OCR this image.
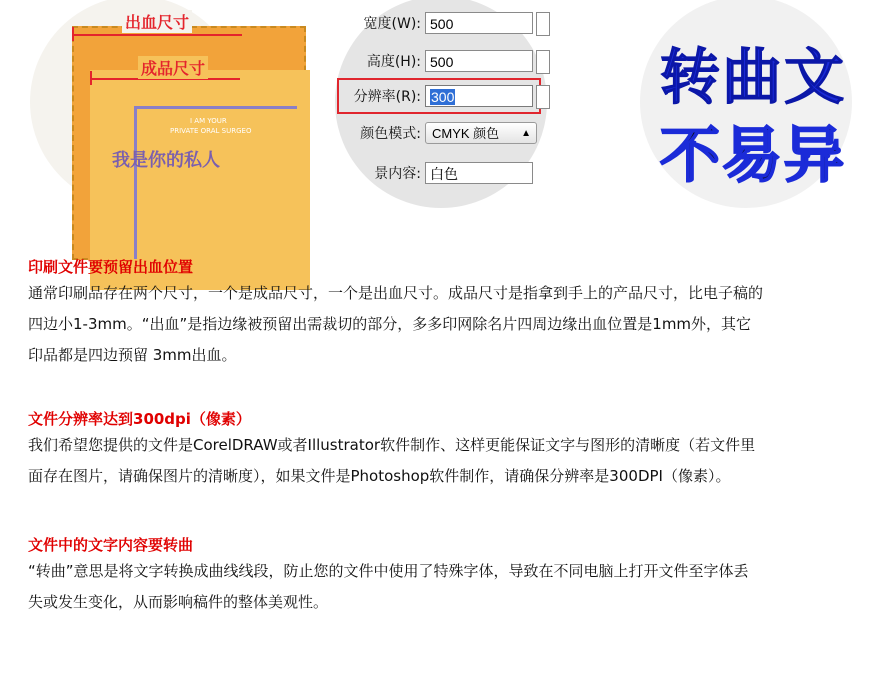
出血尺寸
成品尺寸
I AM YOUR
PRIVATE ORAL SURGEO
我是你的私人
宽度(W): 500
高度(H): 500
分辨率(R): 300
颜色模式: CMYK 颜色 ▲

景内容: 白色
转曲文
不易异
印刷文件要预留出血位置

通常印刷品存在两个尺寸，一个是成品尺寸，一个是出血尺寸。成品尺寸是指拿到手上的产品尺寸，比电子稿的

四边小1-3mm。“出血”是指边缘被预留出需裁切的部分，多多印网除名片四周边缘出血位置是1mm外，其它

印品都是四边预留 3mm出血。

文件分辨率达到300dpi（像素）

我们希望您提供的文件是CorelDRAW或者Illustrator软件制作、这样更能保证文字与图形的清晰度（若文件里

面存在图片，请确保图片的清晰度），如果文件是Photoshop软件制作，请确保分辨率是300DPI（像素）。

文件中的文字内容要转曲

“转曲”意思是将文字转换成曲线线段，防止您的文件中使用了特殊字体，导致在不同电脑上打开文件至字体丢

失或发生变化，从而影响稿件的整体美观性。
